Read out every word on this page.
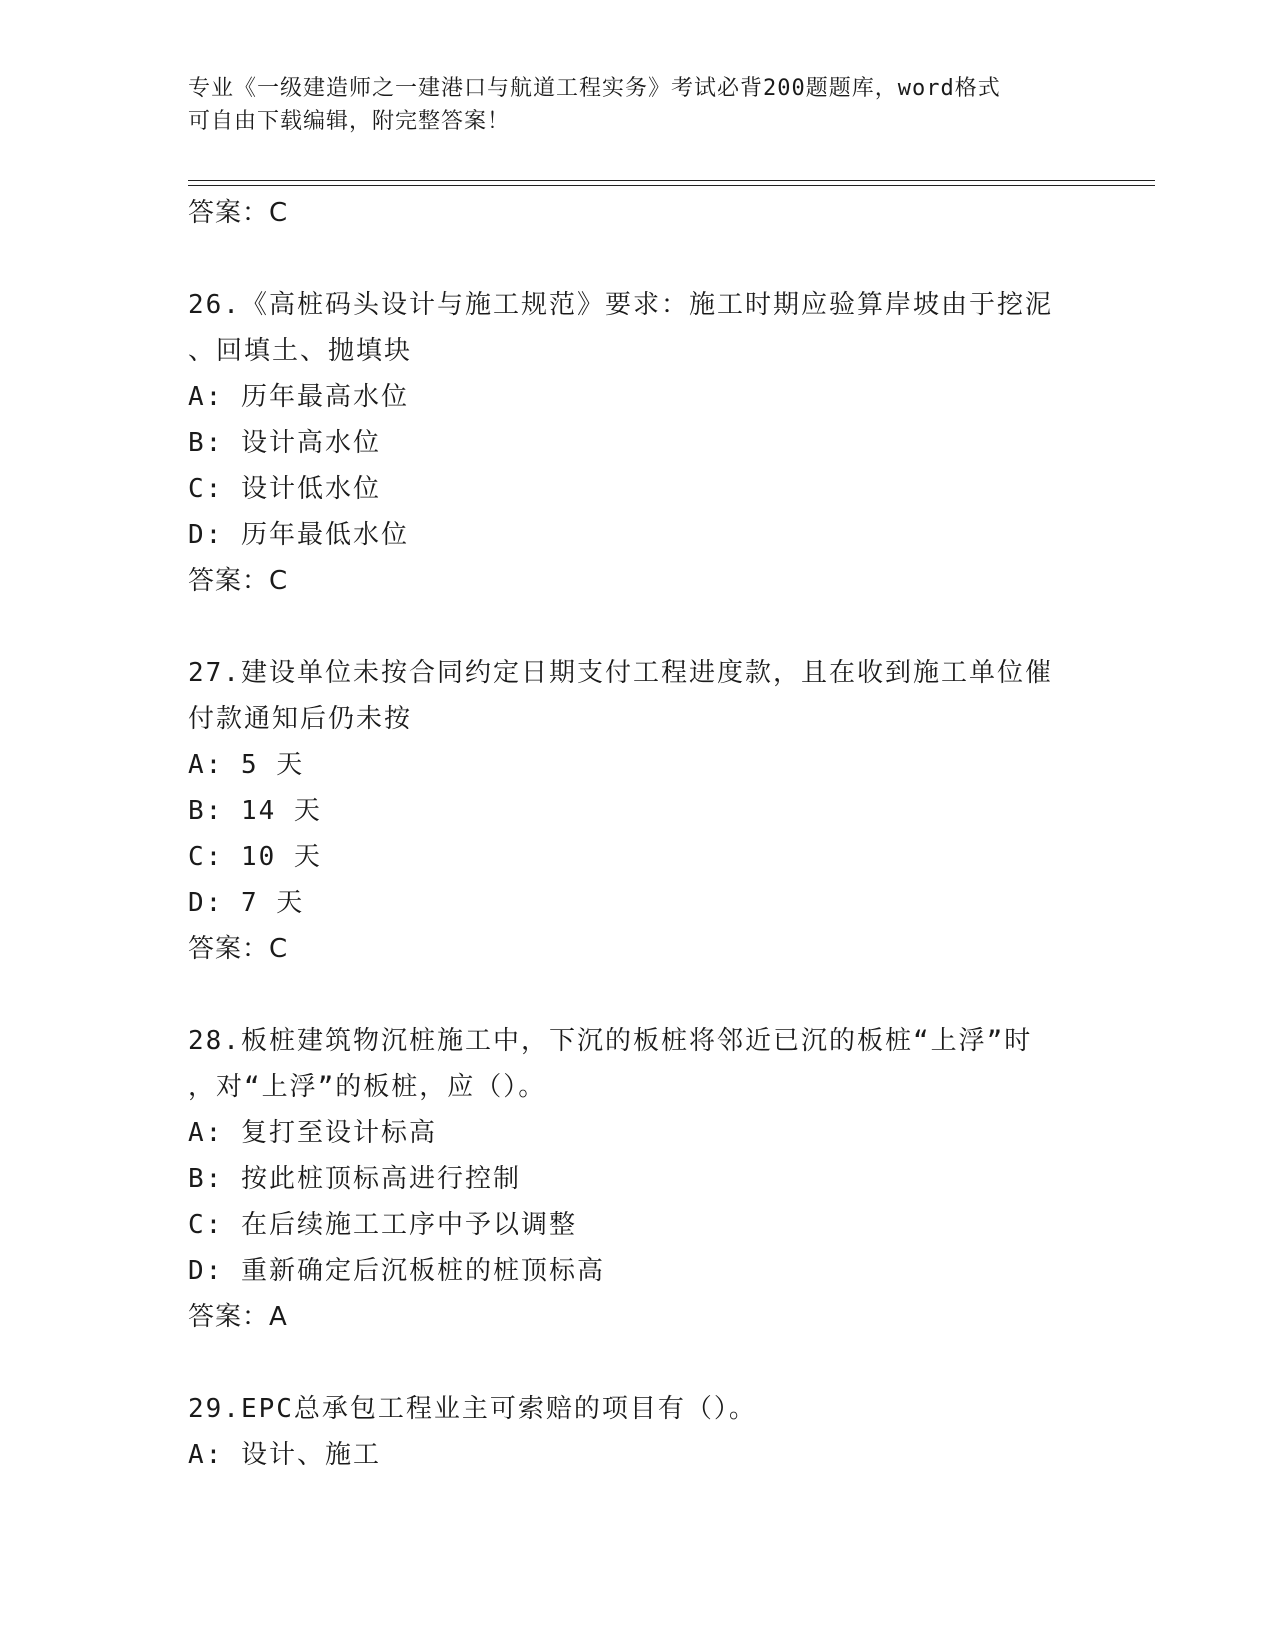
专业《一级建造师之一建港口与航道工程实务》考试必背200题题库，word格式
可自由下载编辑，附完整答案！
答案：C
26.《高桩码头设计与施工规范》要求：施工时期应验算岸坡由于挖泥
、回填土、抛填块
A: 历年最高水位
B: 设计高水位
C: 设计低水位
D: 历年最低水位
答案：C
27.建设单位未按合同约定日期支付工程进度款，且在收到施工单位催
付款通知后仍未按
A: 5 天
B: 14 天
C: 10 天
D: 7 天
答案：C
28.板桩建筑物沉桩施工中，下沉的板桩将邻近已沉的板桩“上浮”时
，对“上浮”的板桩，应（）。
A: 复打至设计标高
B: 按此桩顶标高进行控制
C: 在后续施工工序中予以调整
D: 重新确定后沉板桩的桩顶标高
答案：A
29.EPC总承包工程业主可索赔的项目有（）。
A: 设计、施工
